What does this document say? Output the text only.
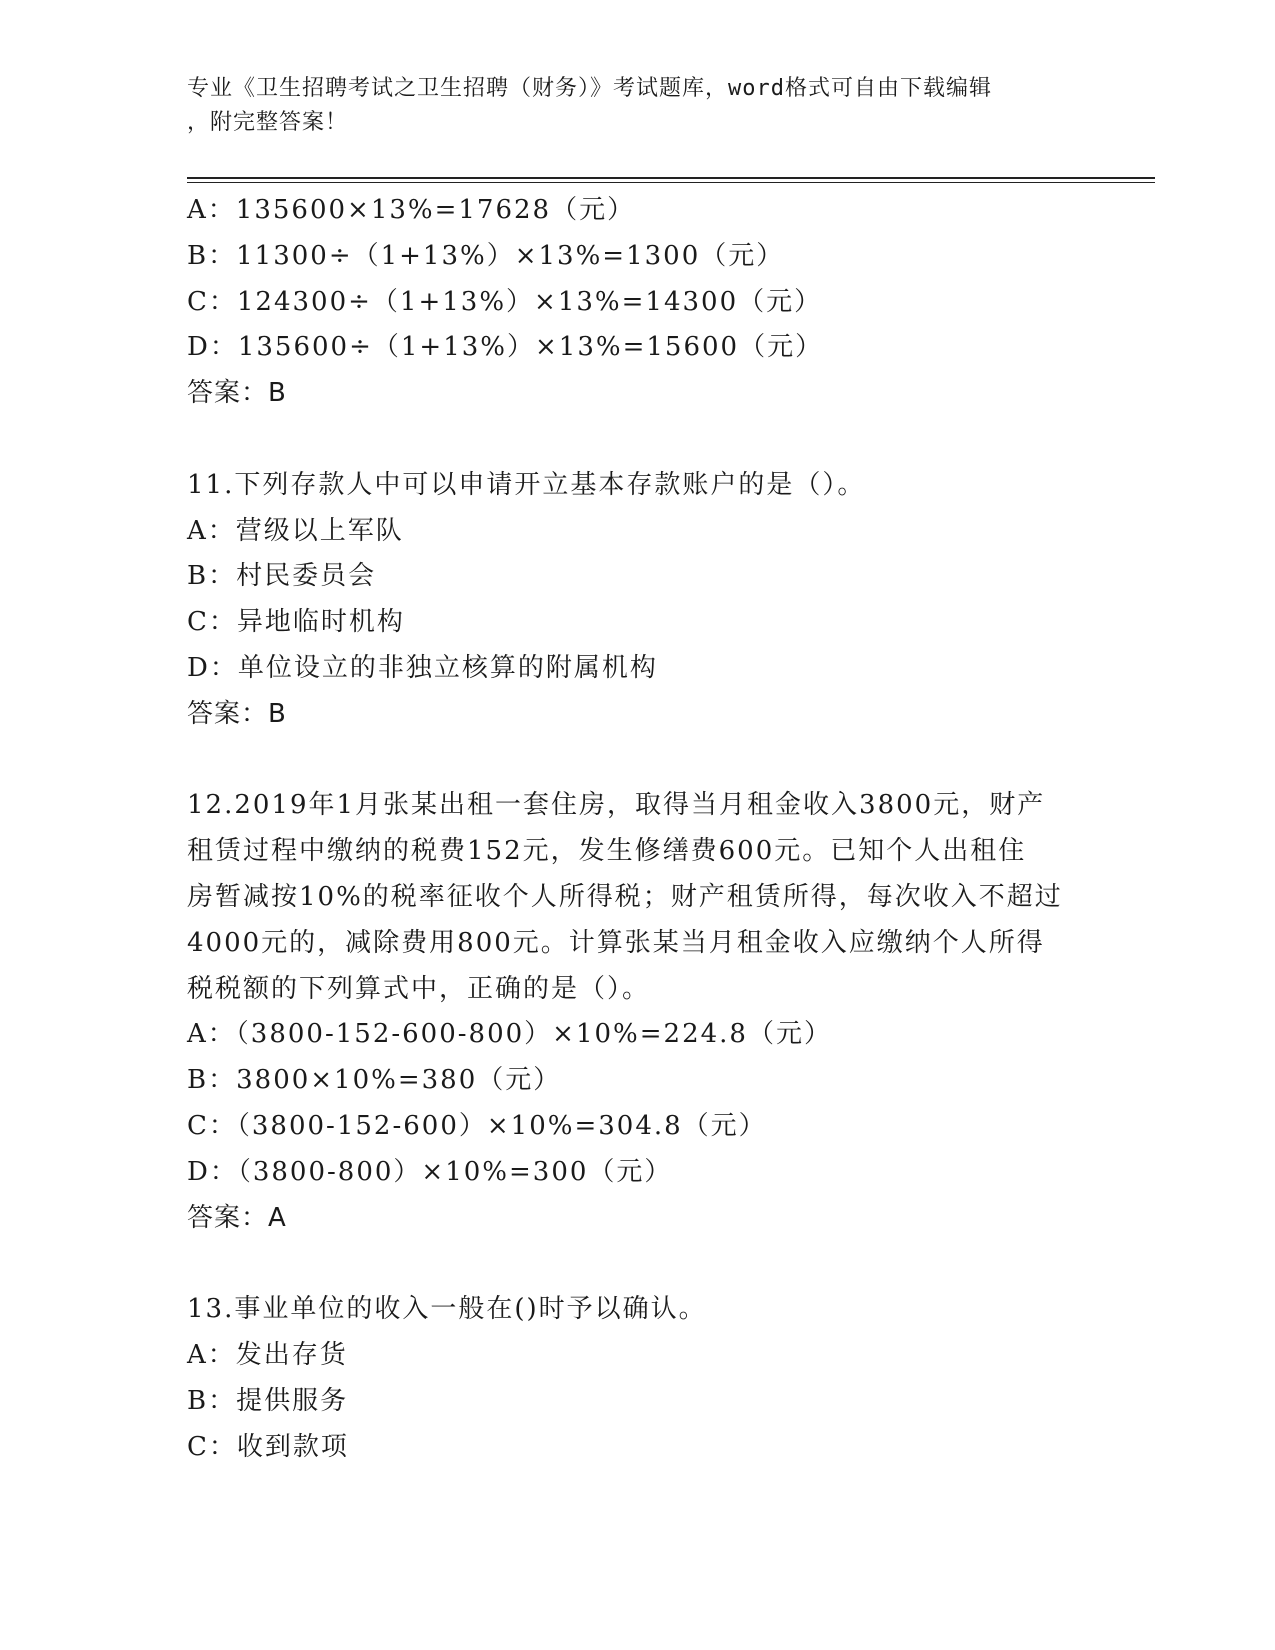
专业《卫生招聘考试之卫生招聘（财务）》考试题库，word格式可自由下载编辑
，附完整答案！
A：135600×13%=17628（元）
B：11300÷（1+13%）×13%=1300（元）
C：124300÷（1+13%）×13%=14300（元）
D：135600÷（1+13%）×13%=15600（元）
答案：B
11.下列存款人中可以申请开立基本存款账户的是（）。
A：营级以上军队
B：村民委员会
C：异地临时机构
D：单位设立的非独立核算的附属机构
答案：B
12.2019年1月张某出租一套住房，取得当月租金收入3800元，财产
租赁过程中缴纳的税费152元，发生修缮费600元。已知个人出租住
房暂减按10%的税率征收个人所得税；财产租赁所得，每次收入不超过
4000元的，减除费用800元。计算张某当月租金收入应缴纳个人所得
税税额的下列算式中，正确的是（）。
A：（3800-152-600-800）×10%=224.8（元）
B：3800×10%=380（元）
C：（3800-152-600）×10%=304.8（元）
D：（3800-800）×10%=300（元）
答案：A
13.事业单位的收入一般在()时予以确认。
A：发出存货
B：提供服务
C：收到款项
